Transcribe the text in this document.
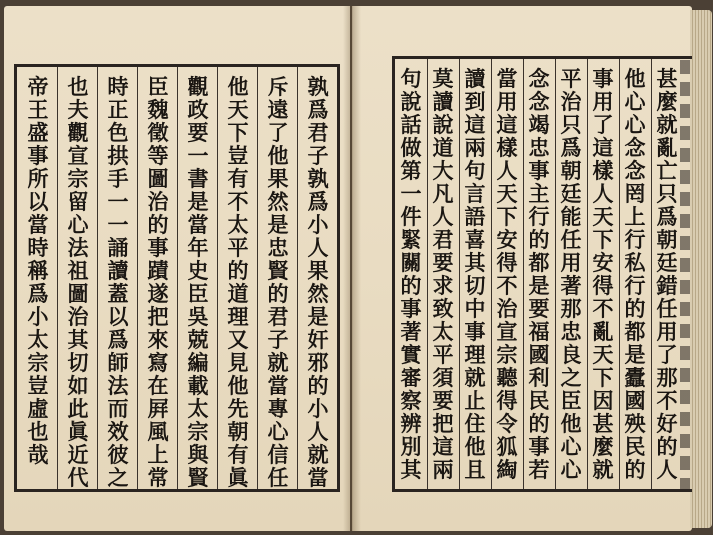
孰
爲
君
子
孰
爲
小
人
果
然
是
奸
邪
的
小
人
就
當
斥
遠
了
他
果
然
是
忠
賢
的
君
子
就
當
專
心
信
任
他
天
下
豈
有
不
太
平
的
道
理
又
見
他
先
朝
有
眞
觀
政
要
一
書
是
當
年
史
臣
吳
兢
編
載
太
宗
與
賢
臣
魏
徵
等
圖
治
的
事
蹟
遂
把
來
寫
在
屛
風
上
常
時
正
色
拱
手
一
一
誦
讀
蓋
以
爲
師
法
而
效
彼
之
也
夫
觀
宣
宗
留
心
法
祖
圖
治
其
切
如
此
眞
近
代
帝
王
盛
事
所
以
當
時
稱
爲
小
太
宗
豈
虛
也
哉
甚
麼
就
亂
亡
只
爲
朝
廷
錯
任
用
了
那
不
好
的
人
他
心
心
念
念
罔
上
行
私
行
的
都
是
蠹
國
殃
民
的
事
用
了
這
樣
人
天
下
安
得
不
亂
天
下
因
甚
麼
就
平
治
只
爲
朝
廷
能
任
用
著
那
忠
良
之
臣
他
心
心
念
念
竭
忠
事
主
行
的
都
是
要
福
國
利
民
的
事
若
當
用
這
樣
人
天
下
安
得
不
治
宣
宗
聽
得
令
狐
綯
讀
到
這
兩
句
言
語
喜
其
切
中
事
理
就
止
住
他
且
莫
讀
說
道
大
凡
人
君
要
求
致
太
平
須
要
把
這
兩
句
說
話
做
第
一
件
緊
關
的
事
著
實
審
察
辨
別
其
